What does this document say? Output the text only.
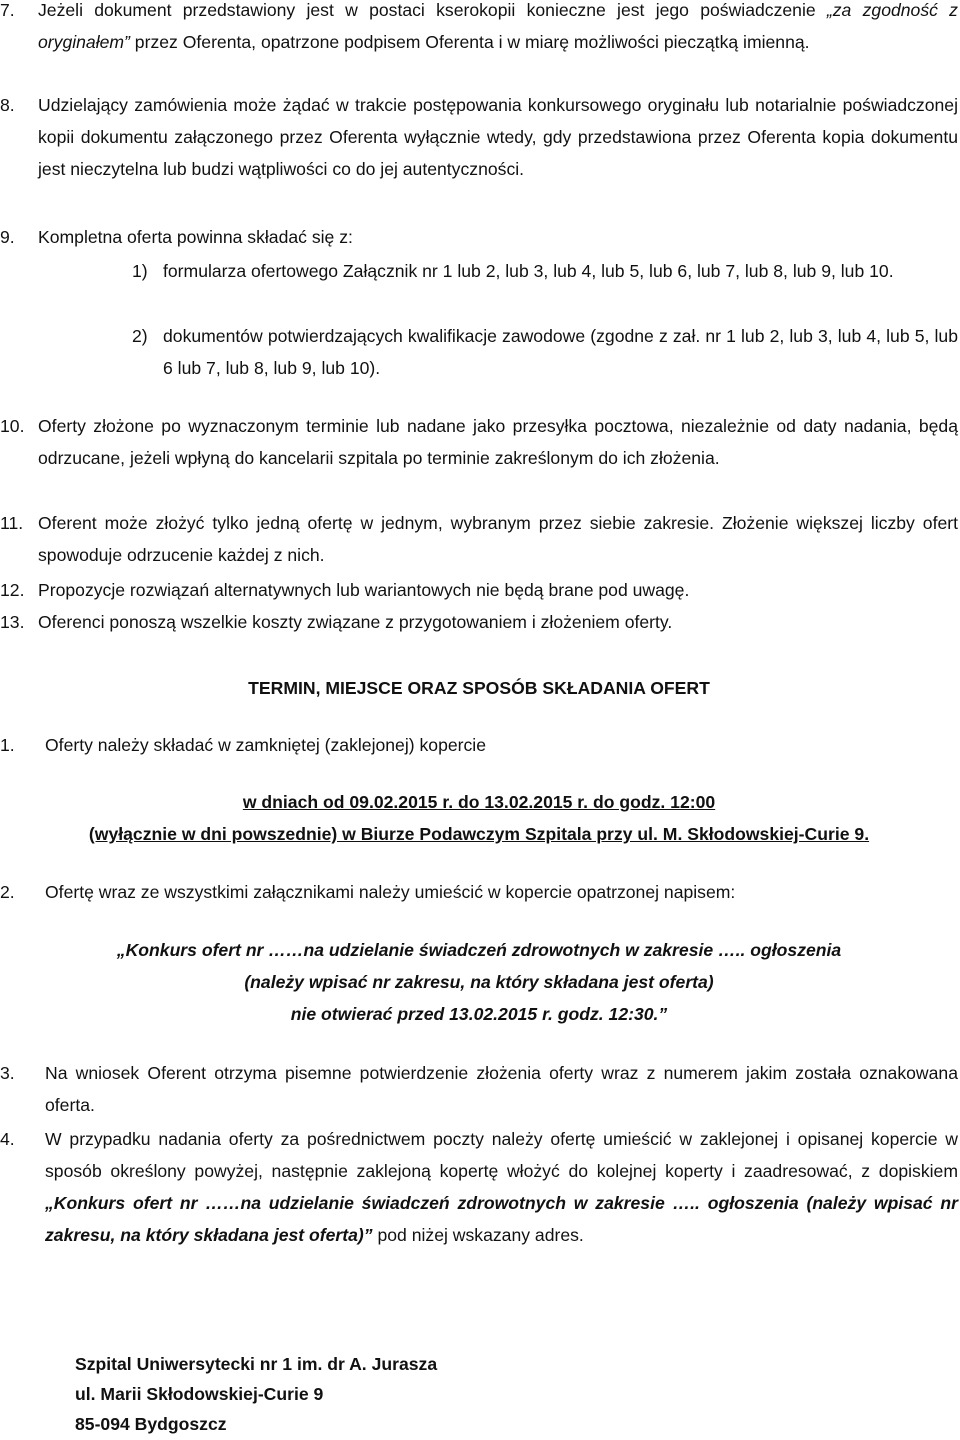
7. Jeżeli dokument przedstawiony jest w postaci kserokopii konieczne jest jego poświadczenie „za zgodność z oryginałem” przez Oferenta, opatrzone podpisem Oferenta i w miarę możliwości pieczątką imienną.
8. Udzielający zamówienia może żądać w trakcie postępowania konkursowego oryginału lub notarialnie poświadczonej kopii dokumentu załączonego przez Oferenta wyłącznie wtedy, gdy przedstawiona przez Oferenta kopia dokumentu jest nieczytelna lub budzi wątpliwości co do jej autentyczności.
9. Kompletna oferta powinna składać się z:
1) formularza ofertowego Załącznik nr 1 lub 2, lub 3, lub 4, lub 5, lub 6, lub 7, lub 8, lub 9, lub 10.
2) dokumentów potwierdzających kwalifikacje zawodowe (zgodne z zał. nr 1 lub 2, lub 3, lub 4, lub 5, lub 6 lub 7, lub 8, lub 9, lub 10).
10. Oferty złożone po wyznaczonym terminie lub nadane jako przesyłka pocztowa, niezależnie od daty nadania, będą odrzucane, jeżeli wpłyną do kancelarii szpitala po terminie zakreślonym do ich złożenia.
11. Oferent może złożyć tylko jedną ofertę w jednym, wybranym przez siebie zakresie. Złożenie większej liczby ofert spowoduje odrzucenie każdej z nich.
12. Propozycje rozwiązań alternatywnych lub wariantowych nie będą brane pod uwagę.
13. Oferenci ponoszą wszelkie koszty związane z przygotowaniem i złożeniem oferty.
TERMIN, MIEJSCE ORAZ SPOSÓB SKŁADANIA OFERT
1. Oferty należy składać w zamkniętej (zaklejonej) kopercie
w dniach od 09.02.2015 r. do 13.02.2015 r. do godz. 12:00
(wyłącznie w dni powszednie) w Biurze Podawczym Szpitala przy ul. M. Skłodowskiej-Curie 9.
2. Ofertę wraz ze wszystkimi załącznikami należy umieścić w kopercie opatrzonej napisem:
„Konkurs ofert nr ……na udzielanie świadczeń zdrowotnych w zakresie ….. ogłoszenia
(należy wpisać nr zakresu, na który składana jest oferta)
nie otwierać przed 13.02.2015 r. godz. 12:30.”
3. Na wniosek Oferent otrzyma pisemne potwierdzenie złożenia oferty wraz z numerem jakim została oznakowana oferta.
4. W przypadku nadania oferty za pośrednictwem poczty należy ofertę umieścić w zaklejonej i opisanej kopercie w sposób określony powyżej, następnie zaklejoną kopertę włożyć do kolejnej koperty i zaadresować, z dopiskiem „Konkurs ofert nr ……na udzielanie świadczeń zdrowotnych w zakresie ….. ogłoszenia (należy wpisać nr zakresu, na który składana jest oferta)” pod niżej wskazany adres.
Szpital Uniwersytecki nr 1 im. dr A. Jurasza
ul. Marii Skłodowskiej-Curie 9
85-094 Bydgoszcz
